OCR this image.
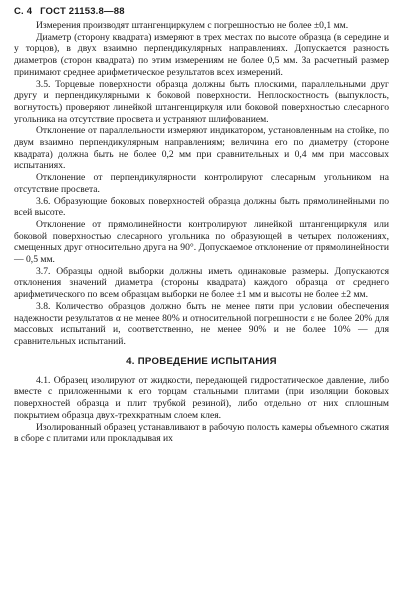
С. 4 ГОСТ 21153.8—88

Измерения производят штангенциркулем с погрешностью не более ±0,1 мм.

Диаметр (сторону квадрата) измеряют в трех местах по высоте образца (в середине и у торцов), в двух взаимно перпендикулярных направлениях. Допускается разность диаметров (сторон квадрата) по этим измерениям не более 0,5 мм. За расчетный размер принимают среднее арифметическое результатов всех измерений.

3.5. Торцевые поверхности образца должны быть плоскими, параллельными друг другу и перпендикулярными к боковой поверхности. Неплоскостность (выпуклость, вогнутость) проверяют линейкой штангенциркуля или боковой поверхностью слесарного угольника на отсутствие просвета и устраняют шлифованием.

Отклонение от параллельности измеряют индикатором, установленным на стойке, по двум взаимно перпендикулярным направлениям; величина его по диаметру (стороне квадрата) должна быть не более 0,2 мм при сравнительных и 0,4 мм при массовых испытаниях.

Отклонение от перпендикулярности контролируют слесарным угольником на отсутствие просвета.

3.6. Образующие боковых поверхностей образца должны быть прямолинейными по всей высоте.

Отклонение от прямолинейности контролируют линейкой штангенциркуля или боковой поверхностью слесарного угольника по образующей в четырех положениях, смещенных друг относительно друга на 90°. Допускаемое отклонение от прямолинейности — 0,5 мм.

3.7. Образцы одной выборки должны иметь одинаковые размеры. Допускаются отклонения значений диаметра (стороны квадрата) каждого образца от среднего арифметического по всем образцам выборки не более ±1 мм и высоты не более ±2 мм.

3.8. Количество образцов должно быть не менее пяти при условии обеспечения надежности результатов α не менее 80% и относительной погрешности ε не более 20% для массовых испытаний и, соответственно, не менее 90% и не более 10% — для сравнительных испытаний.

4. ПРОВЕДЕНИЕ ИСПЫТАНИЯ

4.1. Образец изолируют от жидкости, передающей гидростатическое давление, либо вместе с приложенными к его торцам стальными плитами (при изоляции боковых поверхностей образца и плит трубкой резиной), либо отдельно от них сплошным покрытием образца двух-трехкратным слоем клея.

Изолированный образец устанавливают в рабочую полость камеры объемного сжатия в сборе с плитами или прокладывая их
